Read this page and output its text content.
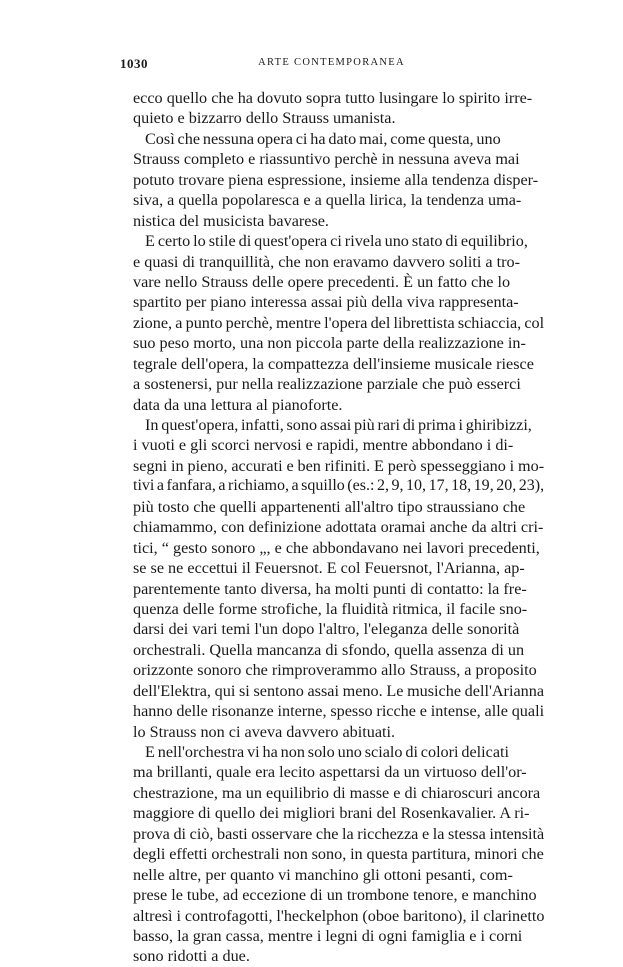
1030	ARTE CONTEMPORANEA
ecco quello che ha dovuto sopra tutto lusingare lo spirito irre-
quieto e bizzarro dello Strauss umanista.
Così che nessuna opera ci ha dato mai, come questa, uno
Strauss completo e riassuntivo perchè in nessuna aveva mai
potuto trovare piena espressione, insieme alla tendenza disper-
siva, a quella popolaresca e a quella lirica, la tendenza uma-
nistica del musicista bavarese.
E certo lo stile di quest'opera ci rivela uno stato di equilibrio,
e quasi di tranquillità, che non eravamo davvero soliti a tro-
vare nello Strauss delle opere precedenti. È un fatto che lo
spartito per piano interessa assai più della viva rappresenta-
zione, a punto perchè, mentre l'opera del librettista schiaccia, col
suo peso morto, una non piccola parte della realizzazione in-
tegrale dell'opera, la compattezza dell'insieme musicale riesce
a sostenersi, pur nella realizzazione parziale che può esserci
data da una lettura al pianoforte.
In quest'opera, infatti, sono assai più rari di prima i ghiribizzi,
i vuoti e gli scorci nervosi e rapidi, mentre abbondano i di-
segni in pieno, accurati e ben rifiniti. E però spesseggiano i mo-
tivi a fanfara, a richiamo, a squillo (es.: 2, 9, 10, 17, 18, 19, 20, 23),
più tosto che quelli appartenenti all'altro tipo straussiano che
chiamammo, con definizione adottata oramai anche da altri cri-
tici, “ gesto sonoro „, e che abbondavano nei lavori precedenti,
se se ne eccettui il Feuersnot. E col Feuersnot, l'Arianna, ap-
parentemente tanto diversa, ha molti punti di contatto: la fre-
quenza delle forme strofiche, la fluidità ritmica, il facile sno-
darsi dei vari temi l'un dopo l'altro, l'eleganza delle sonorità
orchestrali. Quella mancanza di sfondo, quella assenza di un
orizzonte sonoro che rimproverammo allo Strauss, a proposito
dell'Elektra, qui si sentono assai meno. Le musiche dell'Arianna
hanno delle risonanze interne, spesso ricche e intense, alle quali
lo Strauss non ci aveva davvero abituati.
E nell'orchestra vi ha non solo uno scialo di colori delicati
ma brillanti, quale era lecito aspettarsi da un virtuoso dell'or-
chestrazione, ma un equilibrio di masse e di chiaroscuri ancora
maggiore di quello dei migliori brani del Rosenkavalier. A ri-
prova di ciò, basti osservare che la ricchezza e la stessa intensità
degli effetti orchestrali non sono, in questa partitura, minori che
nelle altre, per quanto vi manchino gli ottoni pesanti, com-
prese le tube, ad eccezione di un trombone tenore, e manchino
altresì i controfagotti, l'heckelphon (oboe baritono), il clarinetto
basso, la gran cassa, mentre i legni di ogni famiglia e i corni
sono ridotti a due.
